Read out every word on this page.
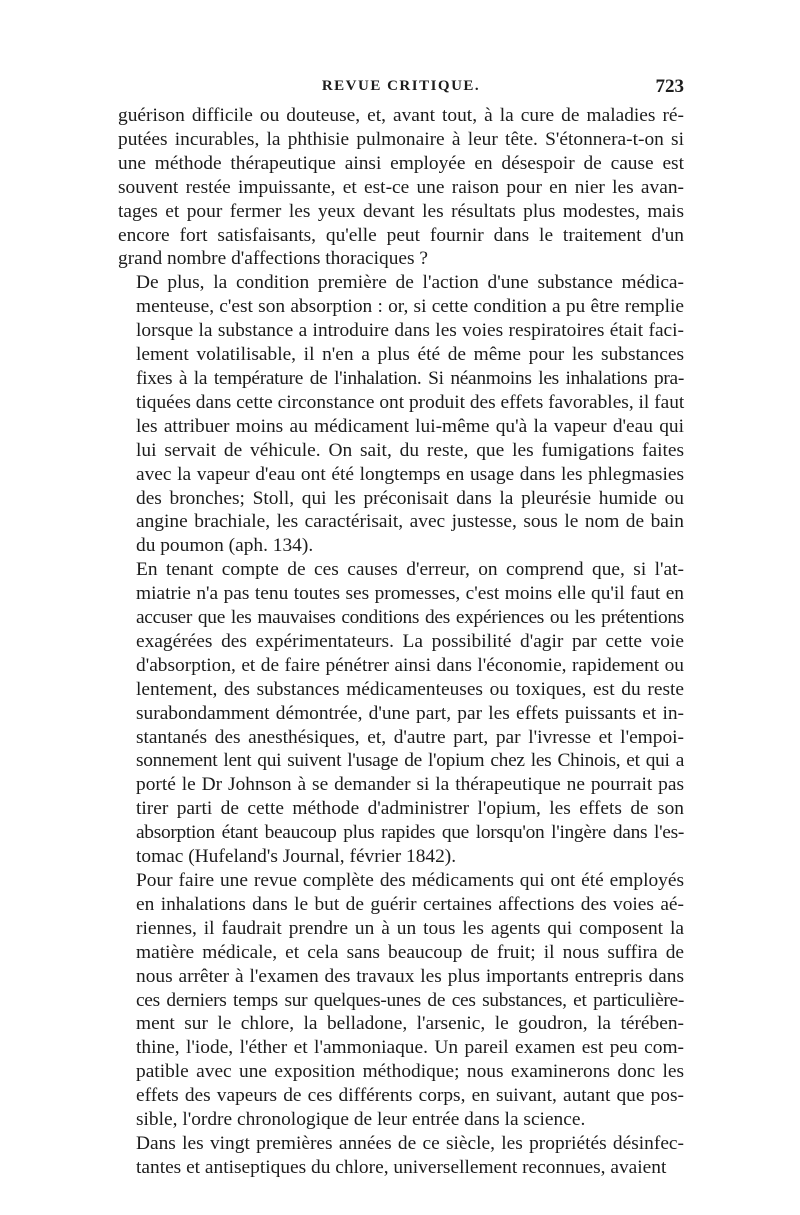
REVUE CRITIQUE.	723

guérison difficile ou douteuse, et, avant tout, à la cure de maladies ré-
putées incurables, la phthisie pulmonaire à leur tête. S'étonnera-t-on si
une méthode thérapeutique ainsi employée en désespoir de cause est
souvent restée impuissante, et est-ce une raison pour en nier les avan-
tages et pour fermer les yeux devant les résultats plus modestes, mais
encore fort satisfaisants, qu'elle peut fournir dans le traitement d'un
grand nombre d'affections thoraciques ?

De plus, la condition première de l'action d'une substance médica-
menteuse, c'est son absorption : or, si cette condition a pu être remplie
lorsque la substance a introduire dans les voies respiratoires était faci-
lement volatilisable, il n'en a plus été de même pour les substances
fixes à la température de l'inhalation. Si néanmoins les inhalations pra-
tiquées dans cette circonstance ont produit des effets favorables, il faut
les attribuer moins au médicament lui-même qu'à la vapeur d'eau qui
lui servait de véhicule. On sait, du reste, que les fumigations faites
avec la vapeur d'eau ont été longtemps en usage dans les phlegmasies
des bronches; Stoll, qui les préconisait dans la pleurésie humide ou
angine brachiale, les caractérisait, avec justesse, sous le nom de bain
du poumon (aph. 134).

En tenant compte de ces causes d'erreur, on comprend que, si l'at-
miatrie n'a pas tenu toutes ses promesses, c'est moins elle qu'il faut en
accuser que les mauvaises conditions des expériences ou les prétentions
exagérées des expérimentateurs. La possibilité d'agir par cette voie
d'absorption, et de faire pénétrer ainsi dans l'économie, rapidement ou
lentement, des substances médicamenteuses ou toxiques, est du reste
surabondamment démontrée, d'une part, par les effets puissants et in-
stantanés des anesthésiques, et, d'autre part, par l'ivresse et l'empoi-
sonnement lent qui suivent l'usage de l'opium chez les Chinois, et qui a
porté le Dr Johnson à se demander si la thérapeutique ne pourrait pas
tirer parti de cette méthode d'administrer l'opium, les effets de son
absorption étant beaucoup plus rapides que lorsqu'on l'ingère dans l'es-
tomac (Hufeland's Journal, février 1842).

Pour faire une revue complète des médicaments qui ont été employés
en inhalations dans le but de guérir certaines affections des voies aé-
riennes, il faudrait prendre un à un tous les agents qui composent la
matière médicale, et cela sans beaucoup de fruit; il nous suffira de
nous arrêter à l'examen des travaux les plus importants entrepris dans
ces derniers temps sur quelques-unes de ces substances, et particulière-
ment sur le chlore, la belladone, l'arsenic, le goudron, la térében-
thine, l'iode, l'éther et l'ammoniaque. Un pareil examen est peu com-
patible avec une exposition méthodique; nous examinerons donc les
effets des vapeurs de ces différents corps, en suivant, autant que pos-
sible, l'ordre chronologique de leur entrée dans la science.

Dans les vingt premières années de ce siècle, les propriétés désinfec-
tantes et antiseptiques du chlore, universellement reconnues, avaient
